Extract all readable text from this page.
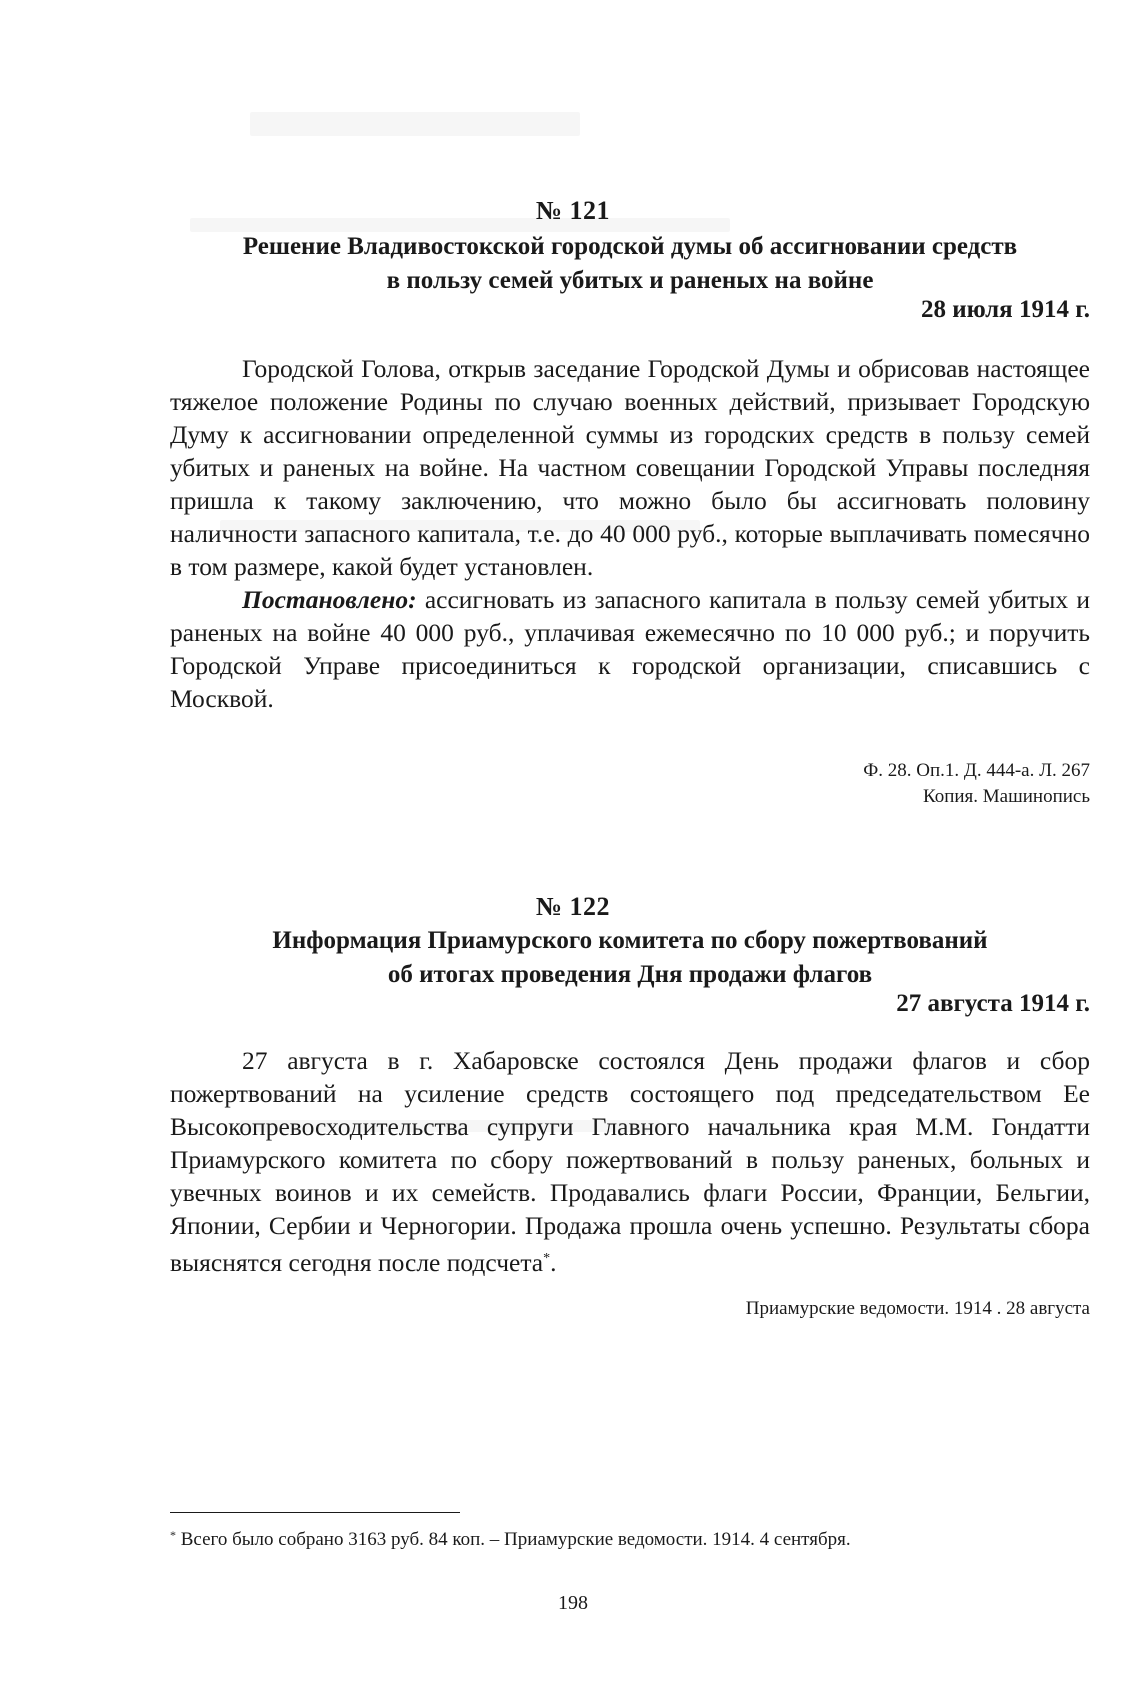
№ 121
Решение Владивостокской городской думы об ассигновании средств
в пользу семей убитых и раненых на войне
28 июля 1914 г.

Городской Голова, открыв заседание Городской Думы и обрисовав настоящее тяжелое положение Родины по случаю военных действий, призывает Городскую Думу к ассигновании определенной суммы из городских средств в пользу семей убитых и раненых на войне. На частном совещании Городской Управы последняя пришла к такому заключению, что можно было бы ассигновать половину наличности запасного капитала, т.е. до 40 000 руб., которые выплачивать помесячно в том размере, какой будет установлен.

Постановлено: ассигновать из запасного капитала в пользу семей убитых и раненых на войне 40 000 руб., уплачивая ежемесячно по 10 000 руб.; и поручить Городской Управе присоединиться к городской организации, списавшись с Москвой.

Ф. 28. Оп.1. Д. 444-а. Л. 267
Копия. Машинопись
№ 122
Информация Приамурского комитета по сбору пожертвований
об итогах проведения Дня продажи флагов
27 августа 1914 г.

27 августа в г. Хабаровске состоялся День продажи флагов и сбор пожертвований на усиление средств состоящего под председательством Ее Высокопревосходительства супруги Главного начальника края М.М. Гондатти Приамурского комитета по сбору пожертвований в пользу раненых, больных и увечных воинов и их семейств. Продавались флаги России, Франции, Бельгии, Японии, Сербии и Черногории. Продажа прошла очень успешно. Результаты сбора выяснятся сегодня после подсчета*.

Приамурские ведомости. 1914 . 28 августа
* Всего было собрано 3163 руб. 84 коп. – Приамурские ведомости. 1914. 4 сентября.
198
